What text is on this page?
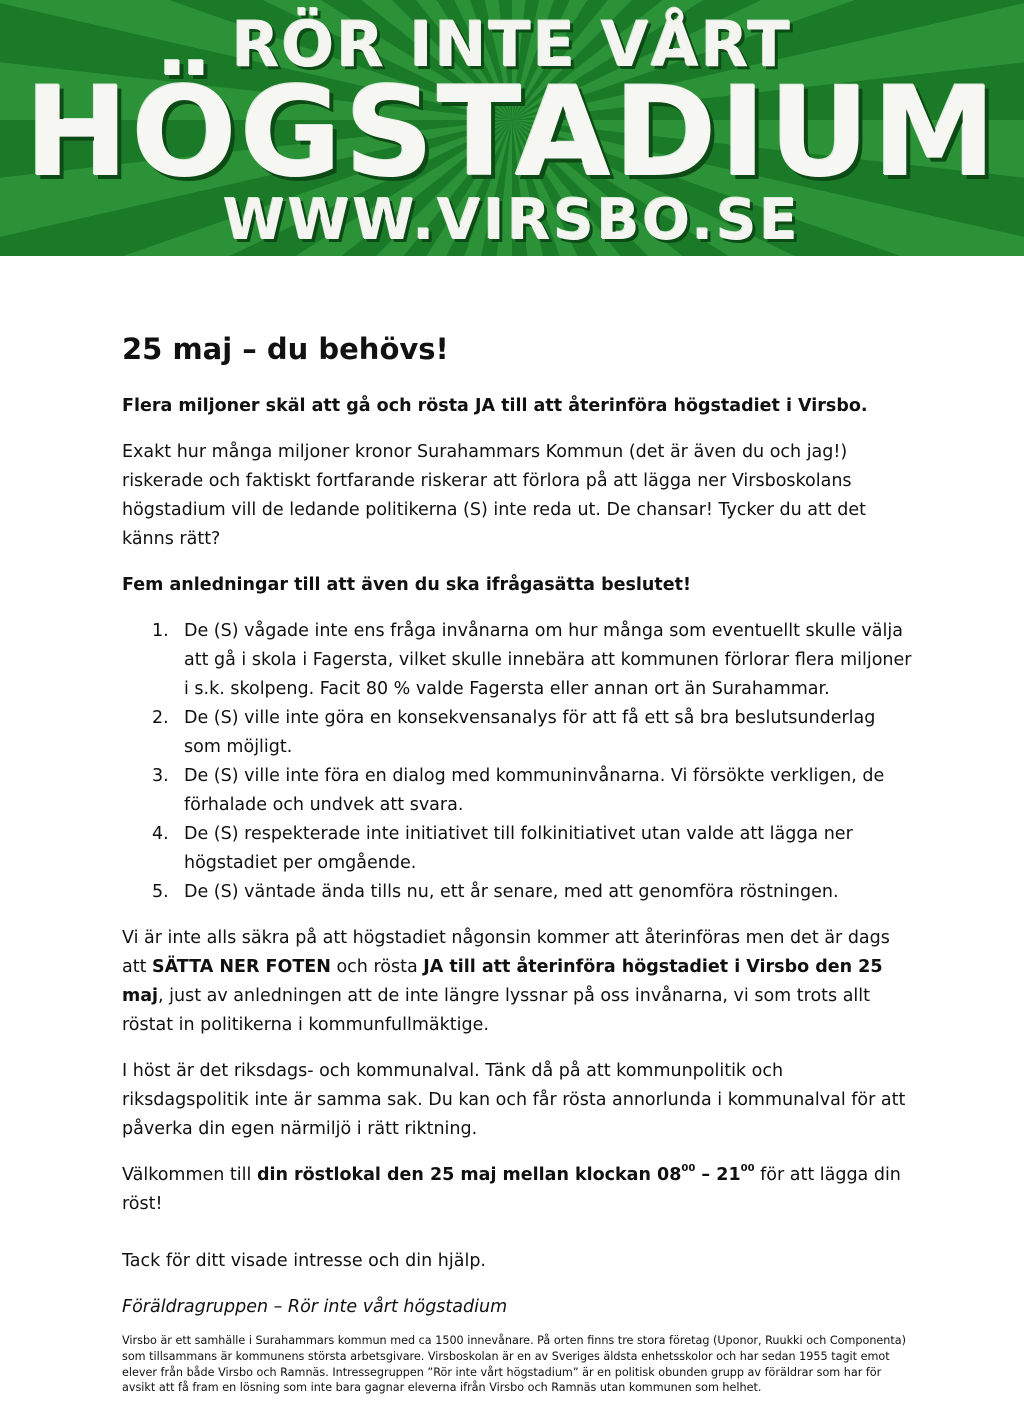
RÖR INTE VÅRT
HÖGSTADIUM
WWW.VIRSBO.SE
25 maj – du behövs!

Flera miljoner skäl att gå och rösta JA till att återinföra högstadiet i Virsbo.

Exakt hur många miljoner kronor Surahammars Kommun (det är även du och jag!) riskerade och faktiskt fortfarande riskerar att förlora på att lägga ner Virsboskolans högstadium vill de ledande politikerna (S) inte reda ut. De chansar! Tycker du att det känns rätt?

Fem anledningar till att även du ska ifrågasätta beslutet!

1. De (S) vågade inte ens fråga invånarna om hur många som eventuellt skulle välja att gå i skola i Fagersta, vilket skulle innebära att kommunen förlorar flera miljoner i s.k. skolpeng. Facit 80 % valde Fagersta eller annan ort än Surahammar.
2. De (S) ville inte göra en konsekvensanalys för att få ett så bra beslutsunderlag som möjligt.
3. De (S) ville inte föra en dialog med kommuninvånarna. Vi försökte verkligen, de förhalade och undvek att svara.
4. De (S) respekterade inte initiativet till folkinitiativet utan valde att lägga ner högstadiet per omgående.
5. De (S) väntade ända tills nu, ett år senare, med att genomföra röstningen.

Vi är inte alls säkra på att högstadiet någonsin kommer att återinföras men det är dags att SÄTTA NER FOTEN och rösta JA till att återinföra högstadiet i Virsbo den 25 maj, just av anledningen att de inte längre lyssnar på oss invånarna, vi som trots allt röstat in politikerna i kommunfullmäktige.

I höst är det riksdags- och kommunalval. Tänk då på att kommunpolitik och riksdagspolitik inte är samma sak. Du kan och får rösta annorlunda i kommunalval för att påverka din egen närmiljö i rätt riktning.

Välkommen till din röstlokal den 25 maj mellan klockan $08^{00} - 21^{00}$ för att lägga din röst!

Tack för ditt visade intresse och din hjälp.

Föräldragruppen – Rör inte vårt högstadium

Virsbo är ett samhälle i Surahammars kommun med ca 1500 innevånare. På orten finns tre stora företag (Uponor, Ruukki och Componenta) som tillsammans är kommunens största arbetsgivare. Virsboskolan är en av Sveriges äldsta enhetsskolor och har sedan 1955 tagit emot elever från både Virsbo och Ramnäs. Intressegruppen ”Rör inte vårt högstadium” är en politisk obunden grupp av föräldrar som har för avsikt att få fram en lösning som inte bara gagnar eleverna ifrån Virsbo och Ramnäs utan kommunen som helhet.
